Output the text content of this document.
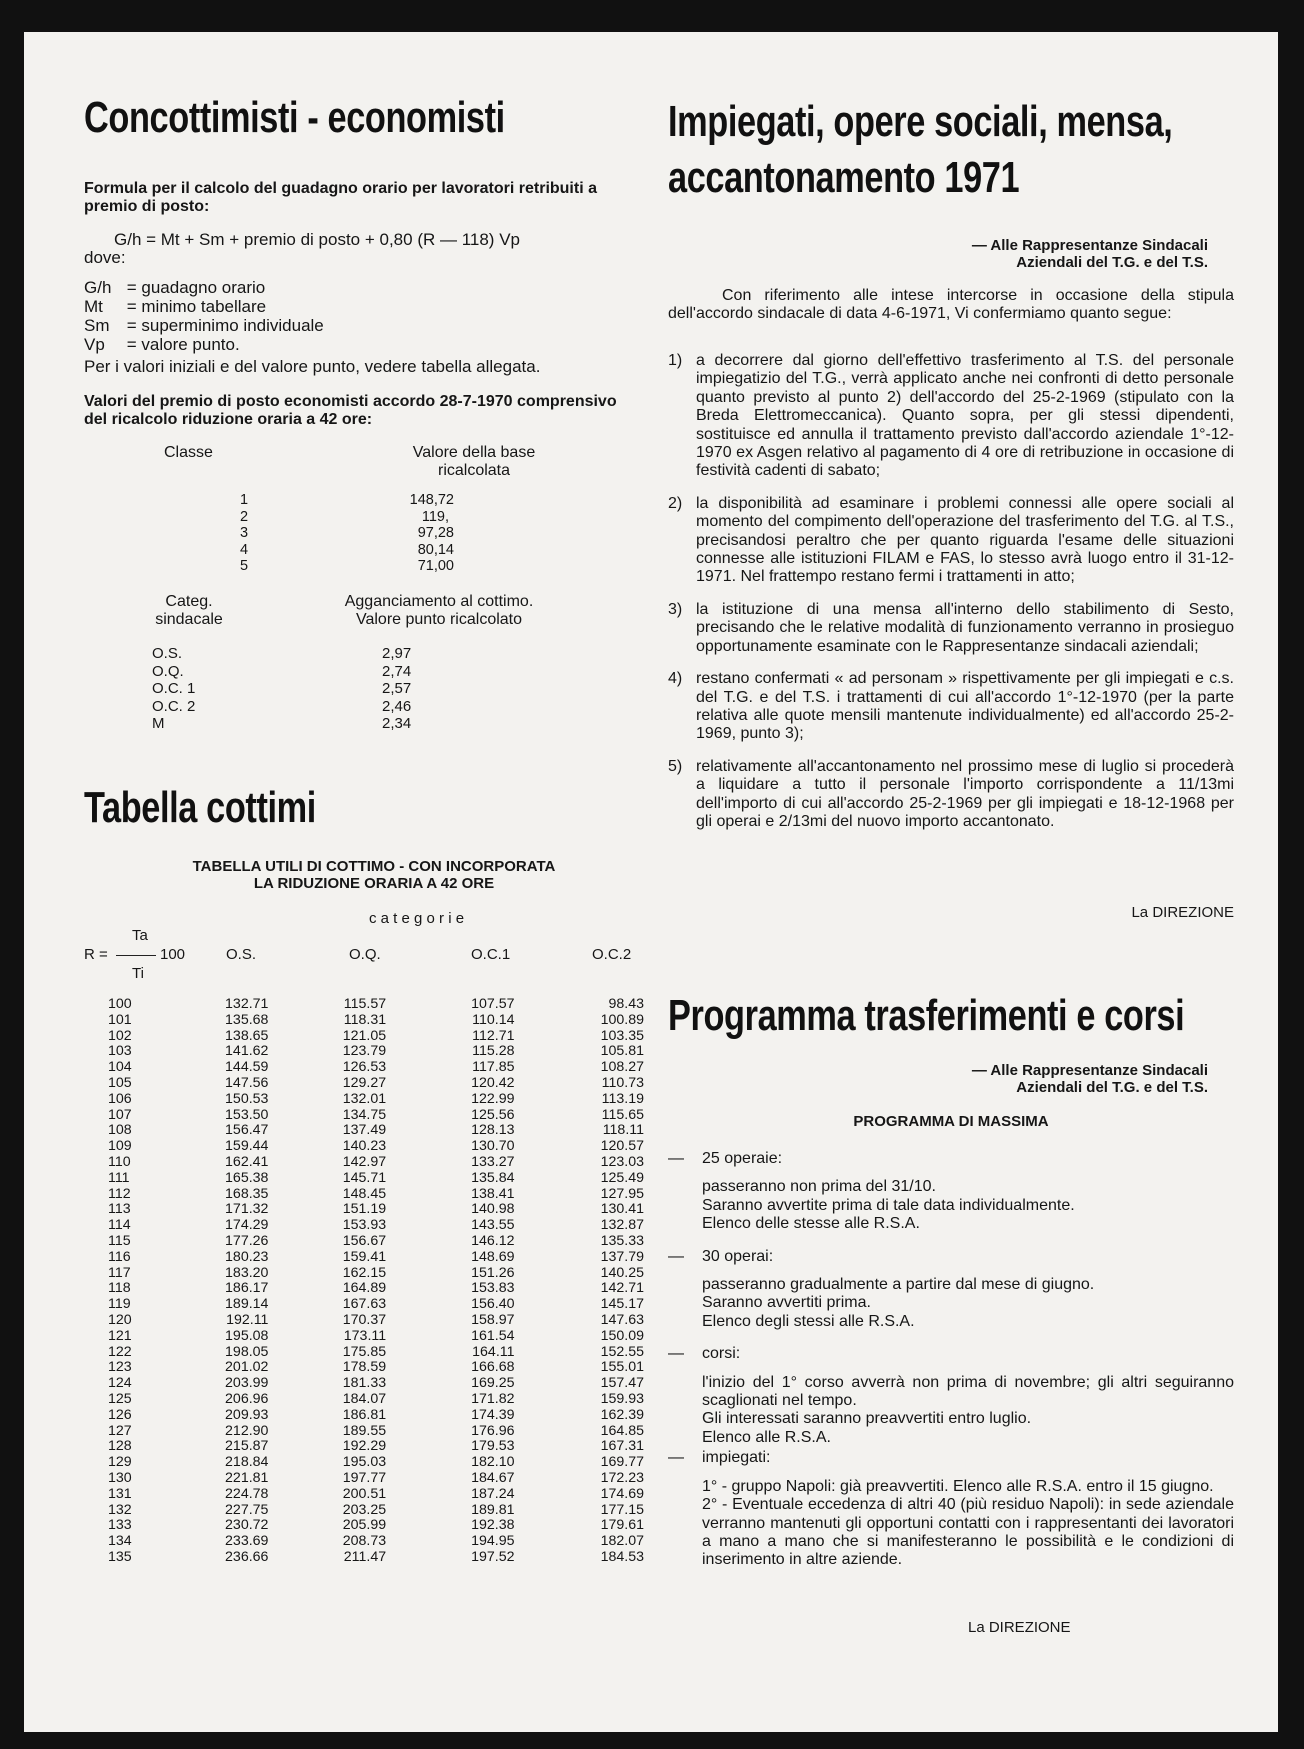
Concottimisti - economisti

Formula per il calcolo del guadagno orario per lavoratori retribuiti a premio di posto:

G/h = Mt + Sm + premio di posto + 0,80 (R — 118) Vp
dove:
G/h = guadagno orario
Mt = minimo tabellare
Sm = superminimo individuale
Vp = valore punto.
Per i valori iniziali e del valore punto, vedere tabella allegata.

Valori del premio di posto economisti accordo 28-7-1970 comprensivo del ricalcolo riduzione oraria a 42 ore:

Classe	Valore della base ricalcolata
1	148,72
2	119,
3	97,28
4	80,14
5	71,00
Categ. sindacale
Agganciamento al cottimo. Valore punto ricalcolato
O.S.	2,97
O.Q.	2,74
O.C. 1	2,57
O.C. 2	2,46
M	2,34
Tabella cottimi
TABELLA UTILI DI COTTIMO - CON INCORPORATA
LA RIDUZIONE ORARIA A 42 ORE
c a t e g o r i e
Ta
R =	100
Ti
O.S.	O.Q.	O.C.1	O.C.2
100	132.71	115.57	107.57	98.43
101	135.68	118.31	110.14	100.89
102	138.65	121.05	112.71	103.35
103	141.62	123.79	115.28	105.81
104	144.59	126.53	117.85	108.27
105	147.56	129.27	120.42	110.73
106	150.53	132.01	122.99	113.19
107	153.50	134.75	125.56	115.65
108	156.47	137.49	128.13	118.11
109	159.44	140.23	130.70	120.57
110	162.41	142.97	133.27	123.03
111	165.38	145.71	135.84	125.49
112	168.35	148.45	138.41	127.95
113	171.32	151.19	140.98	130.41
114	174.29	153.93	143.55	132.87
115	177.26	156.67	146.12	135.33
116	180.23	159.41	148.69	137.79
117	183.20	162.15	151.26	140.25
118	186.17	164.89	153.83	142.71
119	189.14	167.63	156.40	145.17
120	192.11	170.37	158.97	147.63
121	195.08	173.11	161.54	150.09
122	198.05	175.85	164.11	152.55
123	201.02	178.59	166.68	155.01
124	203.99	181.33	169.25	157.47
125	206.96	184.07	171.82	159.93
126	209.93	186.81	174.39	162.39
127	212.90	189.55	176.96	164.85
128	215.87	192.29	179.53	167.31
129	218.84	195.03	182.10	169.77
130	221.81	197.77	184.67	172.23
131	224.78	200.51	187.24	174.69
132	227.75	203.25	189.81	177.15
133	230.72	205.99	192.38	179.61
134	233.69	208.73	194.95	182.07
135	236.66	211.47	197.52	184.53
Impiegati, opere sociali, mensa, accantonamento 1971
— Alle Rappresentanze Sindacali
Aziendali del T.G. e del T.S.
Con riferimento alle intese intercorse in occasione della stipula dell'accordo sindacale di data 4-6-1971, Vi confermiamo quanto segue:
1) a decorrere dal giorno dell'effettivo trasferimento al T.S. del personale impiegatizio del T.G., verrà applicato anche nei confronti di detto personale quanto previsto al punto 2) dell'accordo del 25-2-1969 (stipulato con la Breda Elettromeccanica). Quanto sopra, per gli stessi dipendenti, sostituisce ed annulla il trattamento previsto dall'accordo aziendale 1°-12-1970 ex Asgen relativo al pagamento di 4 ore di retribuzione in occasione di festività cadenti di sabato;
2) la disponibilità ad esaminare i problemi connessi alle opere sociali al momento del compimento dell'operazione del trasferimento del T.G. al T.S., precisandosi peraltro che per quanto riguarda l'esame delle situazioni connesse alle istituzioni FILAM e FAS, lo stesso avrà luogo entro il 31-12-1971. Nel frattempo restano fermi i trattamenti in atto;
3) la istituzione di una mensa all'interno dello stabilimento di Sesto, precisando che le relative modalità di funzionamento verranno in prosieguo opportunamente esaminate con le Rappresentanze sindacali aziendali;
4) restano confermati « ad personam » rispettivamente per gli impiegati e c.s. del T.G. e del T.S. i trattamenti di cui all'accordo 1°-12-1970 (per la parte relativa alle quote mensili mantenute individualmente) ed all'accordo 25-2-1969, punto 3);
5) relativamente all'accantonamento nel prossimo mese di luglio si procederà a liquidare a tutto il personale l'importo corrispondente a 11/13mi dell'importo di cui all'accordo 25-2-1969 per gli impiegati e 18-12-1968 per gli operai e 2/13mi del nuovo importo accantonato.
La DIREZIONE
Programma trasferimenti e corsi
— Alle Rappresentanze Sindacali
Aziendali del T.G. e del T.S.
PROGRAMMA DI MASSIMA
—	25 operaie:
passeranno non prima del 31/10.
Saranno avvertite prima di tale data individualmente.
Elenco delle stesse alle R.S.A.
—	30 operai:
passeranno gradualmente a partire dal mese di giugno.
Saranno avvertiti prima.
Elenco degli stessi alle R.S.A.
—	corsi:
l'inizio del 1° corso avverrà non prima di novembre; gli altri seguiranno scaglionati nel tempo.
Gli interessati saranno preavvertiti entro luglio.
Elenco alle R.S.A.
—	impiegati:
1° - gruppo Napoli: già preavvertiti. Elenco alle R.S.A. entro il 15 giugno.
2° - Eventuale eccedenza di altri 40 (più residuo Napoli): in sede aziendale verranno mantenuti gli opportuni contatti con i rappresentanti dei lavoratori a mano a mano che si manifesteranno le possibilità e le condizioni di inserimento in altre aziende.
La DIREZIONE
